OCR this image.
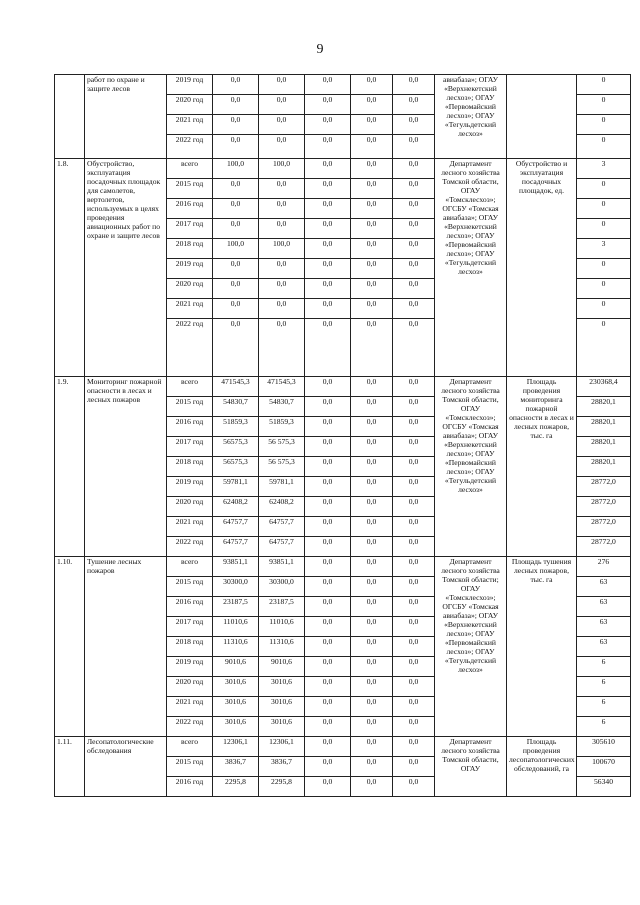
9
	работ по охране и защите лесов	2019 год	0,0	0,0	0,0	0,0	0,0	авиабаза»; ОГАУ «Верхнекетский лесхоз»; ОГАУ «Первомайский лесхоз»; ОГАУ «Тегульдетский лесхоз»		0
		2020 год	0,0	0,0	0,0	0,0	0,0			0
		2021 год	0,0	0,0	0,0	0,0	0,0			0
		2022 год	0,0	0,0	0,0	0,0	0,0			0
1.8.	Обустройство, эксплуатация посадочных площадок для самолетов, вертолетов, используемых в целях проведения авиационных работ по охране и защите лесов	всего	100,0	100,0	0,0	0,0	0,0	Департамент лесного хозяйства Томской области, ОГАУ «Томсклесхоз»; ОГСБУ «Томская авиабаза»; ОГАУ «Верхнекетский лесхоз»; ОГАУ «Первомайский лесхоз»; ОГАУ «Тегульдетский лесхоз»	Обустройство и эксплуатация посадочных площадок, ед.	3
		2015 год	0,0	0,0	0,0	0,0	0,0			0
		2016 год	0,0	0,0	0,0	0,0	0,0			0
		2017 год	0,0	0,0	0,0	0,0	0,0			0
		2018 год	100,0	100,0	0,0	0,0	0,0			3
		2019 год	0,0	0,0	0,0	0,0	0,0			0
		2020 год	0,0	0,0	0,0	0,0	0,0			0
		2021 год	0,0	0,0	0,0	0,0	0,0			0
		2022 год	0,0	0,0	0,0	0,0	0,0			0
1.9.	Мониторинг пожарной опасности в лесах и лесных пожаров	всего	471545,3	471545,3	0,0	0,0	0,0	Департамент лесного хозяйства Томской области, ОГАУ «Томсклесхоз»; ОГСБУ «Томская авиабаза»; ОГАУ «Верхнекетский лесхоз»; ОГАУ «Первомайский лесхоз»; ОГАУ «Тегульдетский лесхоз»	Площадь проведения мониторинга пожарной опасности в лесах и лесных пожаров, тыс. га	230368,4
		2015 год	54830,7	54830,7	0,0	0,0	0,0			28820,1
		2016 год	51859,3	51859,3	0,0	0,0	0,0			28820,1
		2017 год	56575,3	56 575,3	0,0	0,0	0,0			28820,1
		2018 год	56575,3	56 575,3	0,0	0,0	0,0			28820,1
		2019 год	59781,1	59781,1	0,0	0,0	0,0			28772,0
		2020 год	62408,2	62408,2	0,0	0,0	0,0			28772,0
		2021 год	64757,7	64757,7	0,0	0,0	0,0			28772,0
		2022 год	64757,7	64757,7	0,0	0,0	0,0			28772,0
1.10.	Тушение лесных пожаров	всего	93851,1	93851,1	0,0	0,0	0,0	Департамент лесного хозяйства Томской области; ОГАУ «Томсклесхоз»; ОГСБУ «Томская авиабаза»; ОГАУ «Верхнекетский лесхоз»; ОГАУ «Первомайский лесхоз»; ОГАУ «Тегульдетский лесхоз»	Площадь тушения лесных пожаров, тыс. га	276
		2015 год	30300,0	30300,0	0,0	0,0	0,0			63
		2016 год	23187,5	23187,5	0,0	0,0	0,0			63
		2017 год	11010,6	11010,6	0,0	0,0	0,0			63
		2018 год	11310,6	11310,6	0,0	0,0	0,0			63
		2019 год	9010,6	9010,6	0,0	0,0	0,0			6
		2020 год	3010,6	3010,6	0,0	0,0	0,0			6
		2021 год	3010,6	3010,6	0,0	0,0	0,0			6
		2022 год	3010,6	3010,6	0,0	0,0	0,0			6
1.11.	Лесопатологические обследования	всего	12306,1	12306,1	0,0	0,0	0,0	Департамент лесного хозяйства Томской области, ОГАУ	Площадь проведения лесопатологических обследований, га	305610
		2015 год	3836,7	3836,7	0,0	0,0	0,0			100670
		2016 год	2295,8	2295,8	0,0	0,0	0,0			56340
